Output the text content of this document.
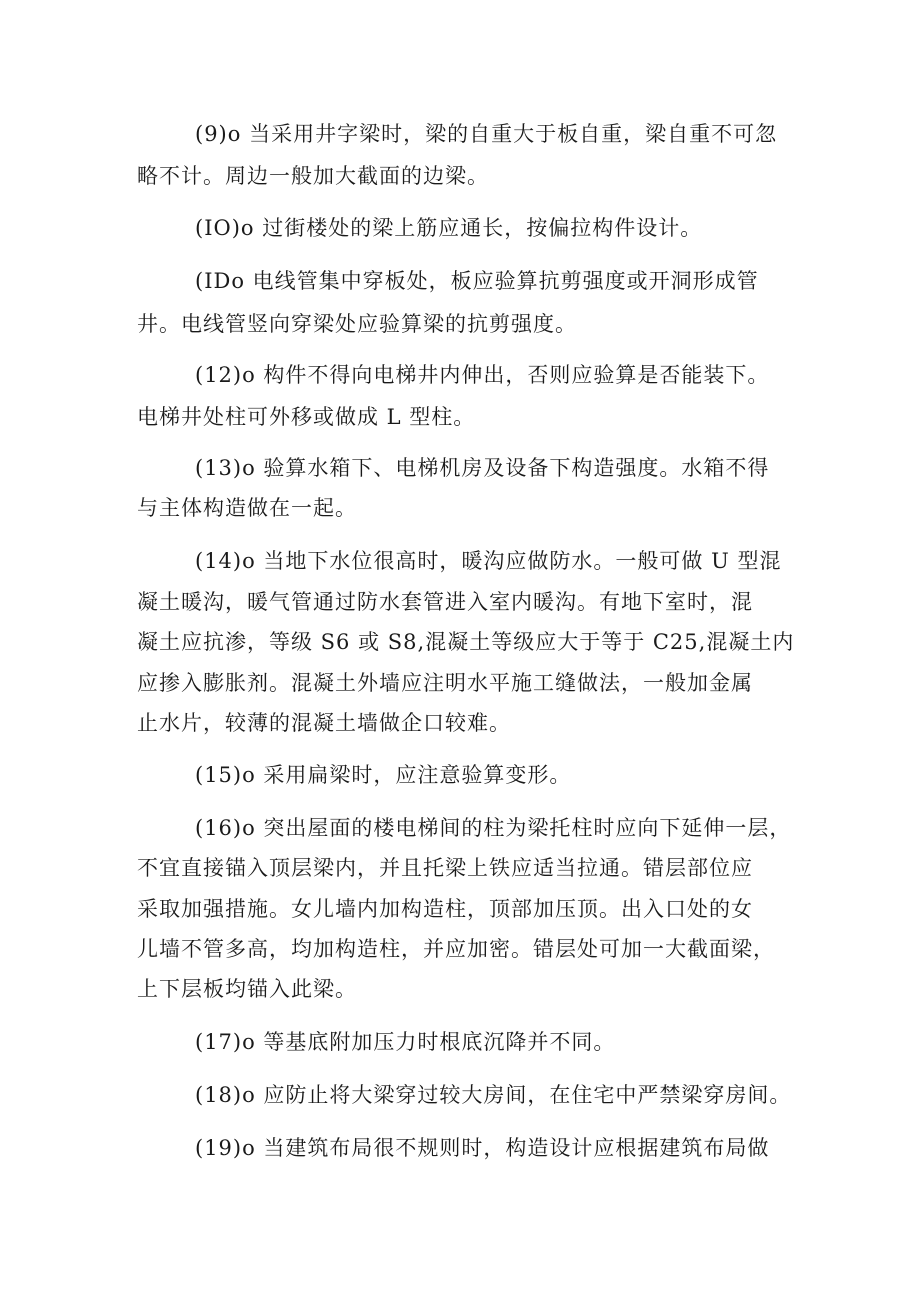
(9)o 当采用井字梁时，梁的自重大于板自重，梁自重不可忽
略不计。周边一般加大截面的边梁。
(IO)o 过街楼处的梁上筋应通长，按偏拉构件设计。
(IDo 电线管集中穿板处，板应验算抗剪强度或开洞形成管
井。电线管竖向穿梁处应验算梁的抗剪强度。
(12)o 构件不得向电梯井内伸出，否则应验算是否能装下。
电梯井处柱可外移或做成 L 型柱。
(13)o 验算水箱下、电梯机房及设备下构造强度。水箱不得
与主体构造做在一起。
(14)o 当地下水位很高时，暖沟应做防水。一般可做 U 型混
凝土暖沟，暖气管通过防水套管进入室内暖沟。有地下室时，混
凝土应抗渗，等级 S6 或 S8,混凝土等级应大于等于 C25,混凝土内
应掺入膨胀剂。混凝土外墙应注明水平施工缝做法，一般加金属
止水片，较薄的混凝土墙做企口较难。
(15)o 采用扁梁时，应注意验算变形。
(16)o 突出屋面的楼电梯间的柱为梁托柱时应向下延伸一层，
不宜直接锚入顶层梁内，并且托梁上铁应适当拉通。错层部位应
采取加强措施。女儿墙内加构造柱，顶部加压顶。出入口处的女
儿墙不管多高，均加构造柱，并应加密。错层处可加一大截面梁，
上下层板均锚入此梁。
(17)o 等基底附加压力时根底沉降并不同。
(18)o 应防止将大梁穿过较大房间，在住宅中严禁梁穿房间。
(19)o 当建筑布局很不规则时，构造设计应根据建筑布局做
